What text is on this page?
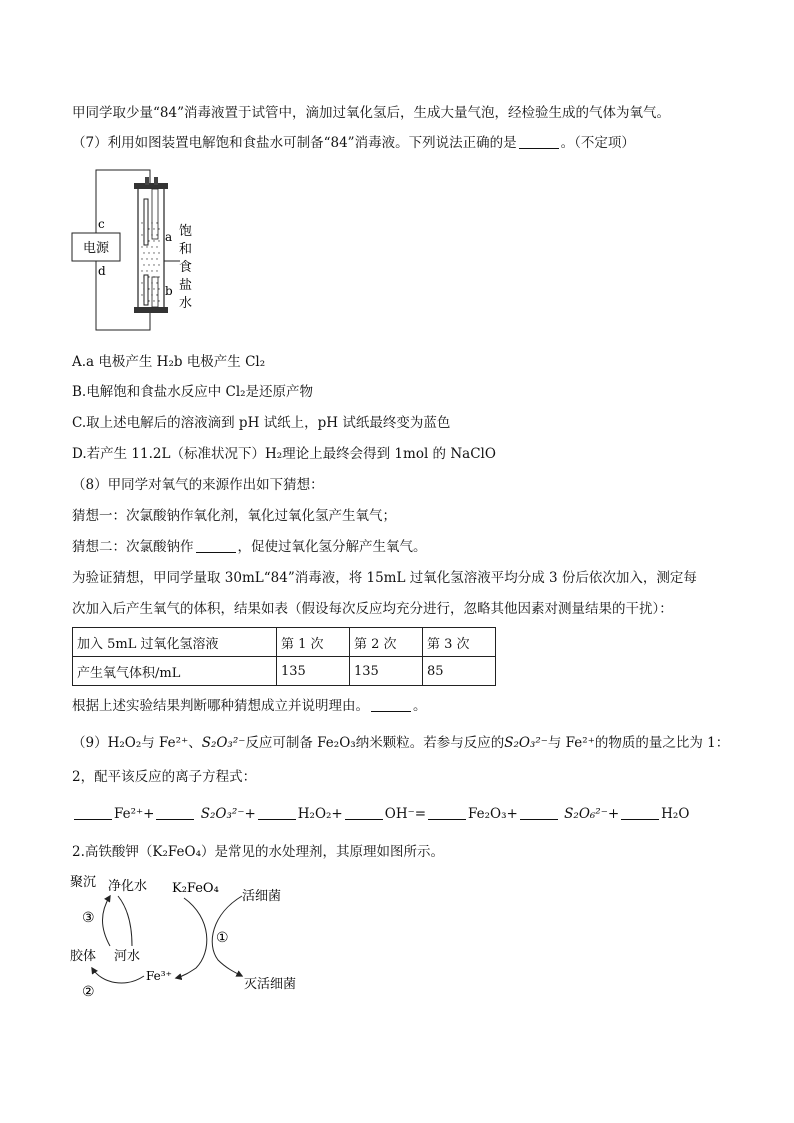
甲同学取少量“84”消毒液置于试管中，滴加过氧化氢后，生成大量气泡，经检验生成的气体为氧气。
（7）利用如图装置电解饱和食盐水可制备“84”消毒液。下列说法正确的是	。（不定项）
电源
c
d
a
b
饱
和
食
盐
水
A.a 电极产生 H₂b 电极产生 Cl₂
B.电解饱和食盐水反应中 Cl₂是还原产物
C.取上述电解后的溶液滴到 pH 试纸上，pH 试纸最终变为蓝色
D.若产生 11.2L（标准状况下）H₂理论上最终会得到 1mol 的 NaClO
（8）甲同学对氧气的来源作出如下猜想：
猜想一：次氯酸钠作氧化剂，氧化过氧化氢产生氧气；
猜想二：次氯酸钠作	，促使过氧化氢分解产生氧气。
为验证猜想，甲同学量取 30mL“84”消毒液，将 15mL 过氧化氢溶液平均分成 3 份后依次加入，测定每
次加入后产生氧气的体积，结果如表（假设每次反应均充分进行，忽略其他因素对测量结果的干扰）：
加入 5mL 过氧化氢溶液	第 1 次	第 2 次	第 3 次
产生氧气体积/mL	135	135	85
根据上述实验结果判断哪种猜想成立并说明理由。	。
（9）H₂O₂与 Fe²⁺、S₂O₃²⁻反应可制备 Fe₂O₃纳米颗粒。若参与反应的S₂O₃²⁻与 Fe²⁺的物质的量之比为 1：
2，配平该反应的离子方程式：
Fe²⁺+	S₂O₃²⁻+	H₂O₂+	OH⁻=	Fe₂O₃+	S₂O₆²⁻+	H₂O
2.高铁酸钾（K₂FeO₄）是常见的水处理剂，其原理如图所示。
聚沉 净化水 K₂FeO₄
活细菌
胶体 河水
Fe³⁺
灭活细菌
③
②
①
